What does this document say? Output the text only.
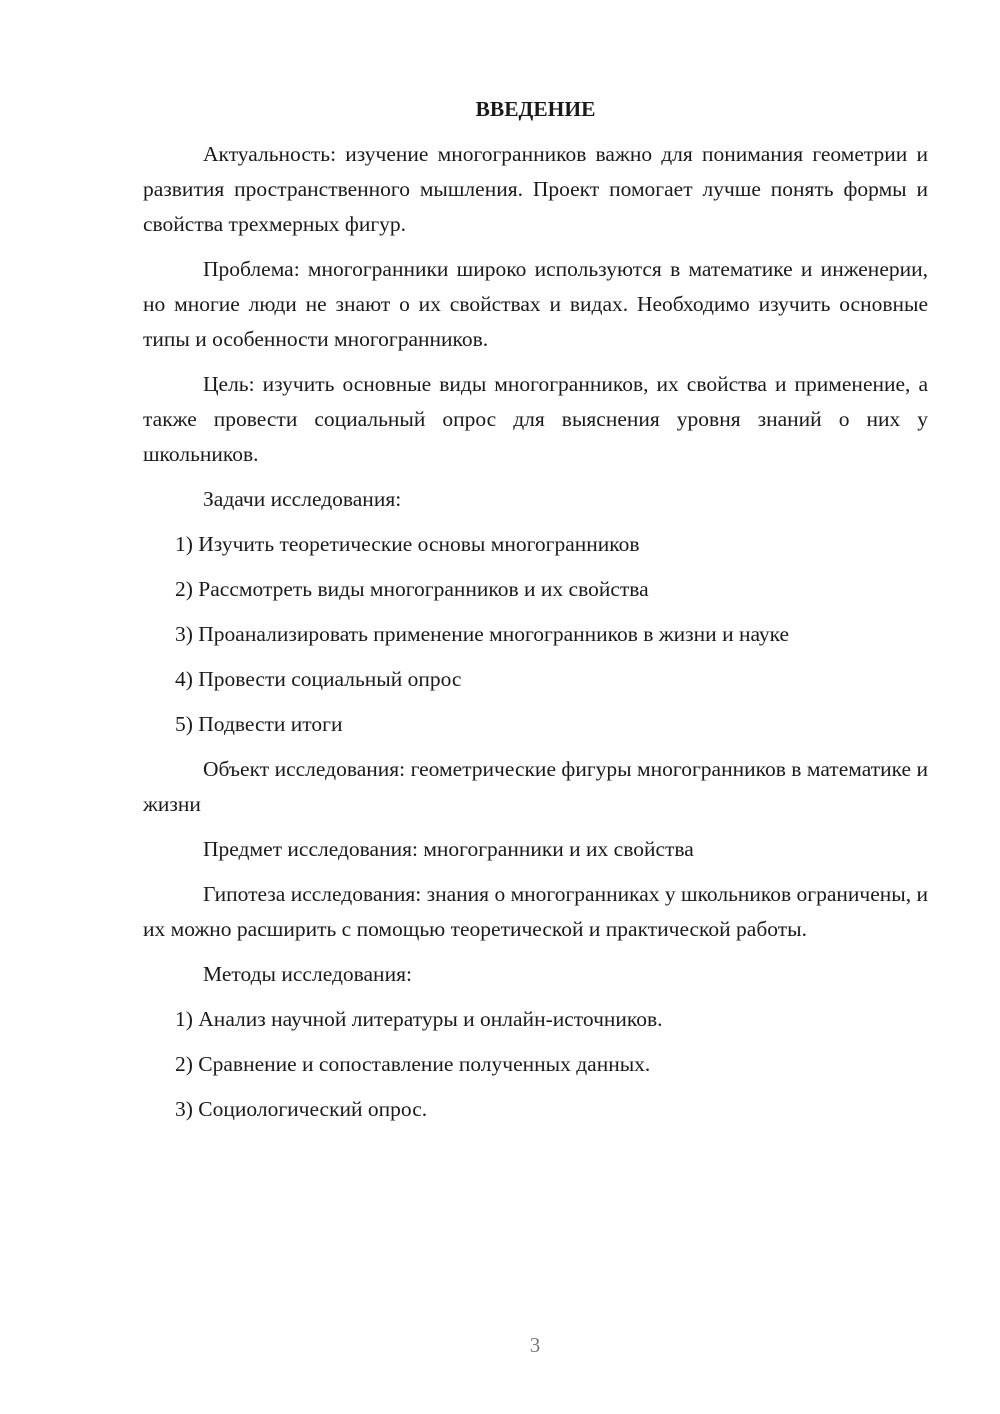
ВВЕДЕНИЕ

Актуальность: изучение многогранников важно для понимания геометрии и развития пространственного мышления. Проект помогает лучше понять формы и свойства трехмерных фигур.

Проблема: многогранники широко используются в математике и инженерии, но многие люди не знают о их свойствах и видах. Необходимо изучить основные типы и особенности многогранников.

Цель: изучить основные виды многогранников, их свойства и применение, а также провести социальный опрос для выяснения уровня знаний о них у школьников.

Задачи исследования:

1) Изучить теоретические основы многогранников

2) Рассмотреть виды многогранников и их свойства

3) Проанализировать применение многогранников в жизни и науке

4) Провести социальный опрос

5) Подвести итоги

Объект исследования: геометрические фигуры многогранников в математике и жизни

Предмет исследования: многогранники и их свойства

Гипотеза исследования: знания о многогранниках у школьников ограничены, и их можно расширить с помощью теоретической и практической работы.

Методы исследования:

1) Анализ научной литературы и онлайн-источников.

2) Сравнение и сопоставление полученных данных.

3) Социологический опрос.

3
